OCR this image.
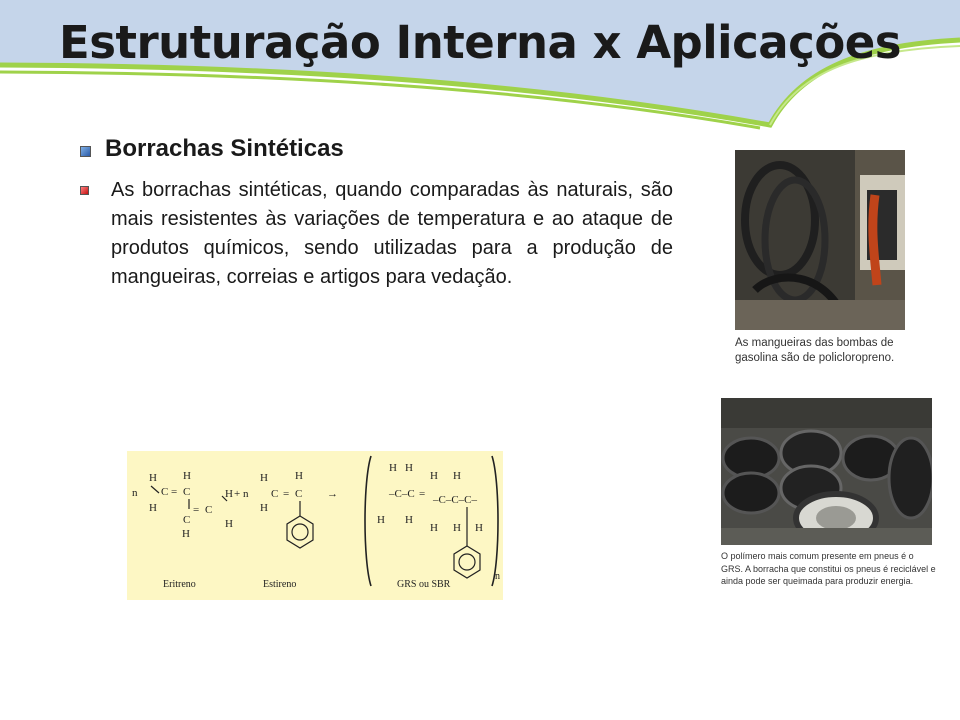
Estruturação Interna x Aplicações
Borrachas Sintéticas

As borrachas sintéticas, quando comparadas às naturais, são mais resistentes às variações de temperatura e ao ataque de produtos químicos, sendo utilizadas para a produção de mangueiras, correias e artigos para vedação.

As mangueiras das bombas de gasolina são de policloropreno.

O polímero mais comum presente em pneus é o GRS. A borracha que constitui os pneus é reciclável e ainda pode ser queimada para produzir energia.

n
H
H
C = C
H
C
= C
H
H
H
+ n
H
H
C = C
H
→
H H
–C–C =
H H
H H
–C–C–C–
H H H
Eritreno	Estireno	GRS ou SBR
n
